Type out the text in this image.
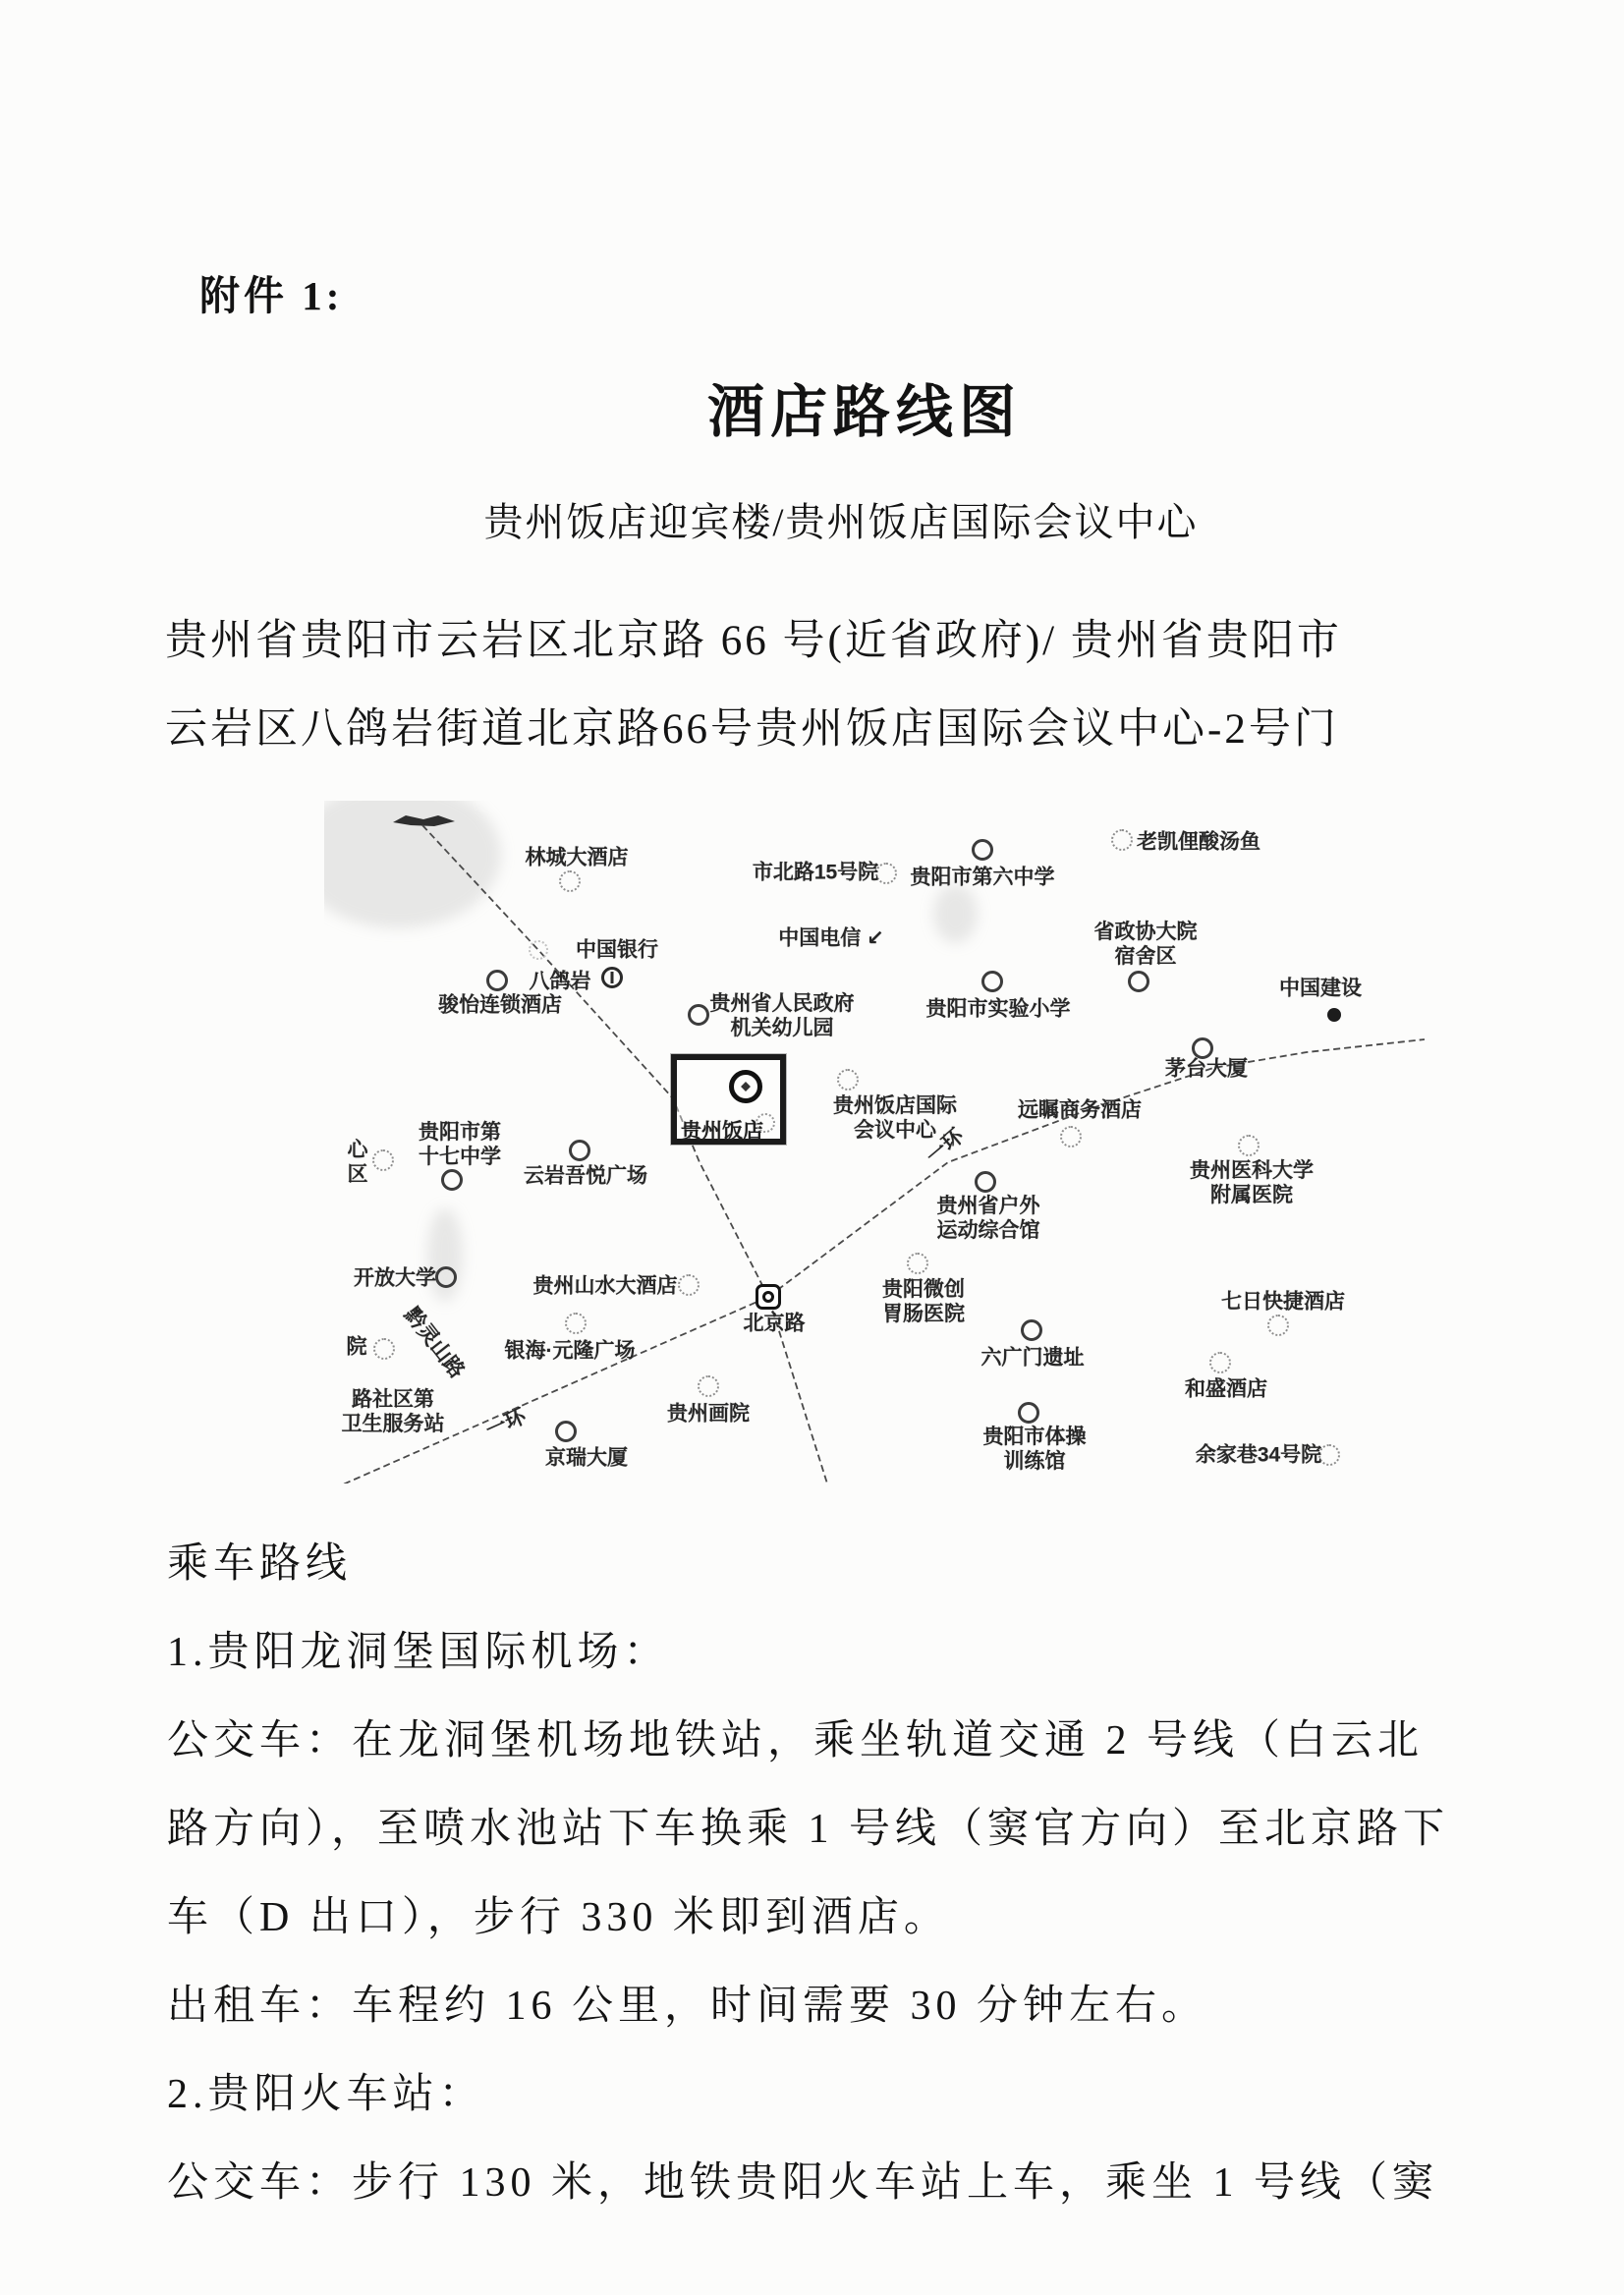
附件 1:
酒店路线图
贵州饭店迎宾楼/贵州饭店国际会议中心
贵州省贵阳市云岩区北京路 66 号(近省政府)/ 贵州省贵阳市
云岩区八鸽岩街道北京路66号贵州饭店国际会议中心-2号门
贵州饭店
林城大酒店
市北路15号院 贵阳市第六中学
老凯俚酸汤鱼
中国电信 ↙	省政协大院
宿舍区
中国银行
八鸽岩
骏怡连锁酒店	贵州省人民政府
机关幼儿园
贵阳市实验小学
中国建设
茅台大厦
贵州饭店国际
会议中心
远瞩商务酒店
贵州医科大学
附属医院
贵阳市第
十七中学
心
区	云岩吾悦广场
一环
贵州省户外
运动综合馆
开放大学	贵州山水大酒店
北京路
贵阳微创
胃肠医院
七日快捷酒店
黔灵山路
院	银海·元隆广场	六广门遗址
和盛酒店
路社区第
卫生服务站 一环
京瑞大厦
贵州画院
贵阳市体操
训练馆	余家巷34号院
乘车路线
1.贵阳龙洞堡国际机场：
公交车：在龙洞堡机场地铁站，乘坐轨道交通 2 号线（白云北
路方向），至喷水池站下车换乘 1 号线（窦官方向）至北京路下
车（D 出口），步行 330 米即到酒店。
出租车：车程约 16 公里，时间需要 30 分钟左右。
2.贵阳火车站：
公交车：步行 130 米，地铁贵阳火车站上车，乘坐 1 号线（窦
